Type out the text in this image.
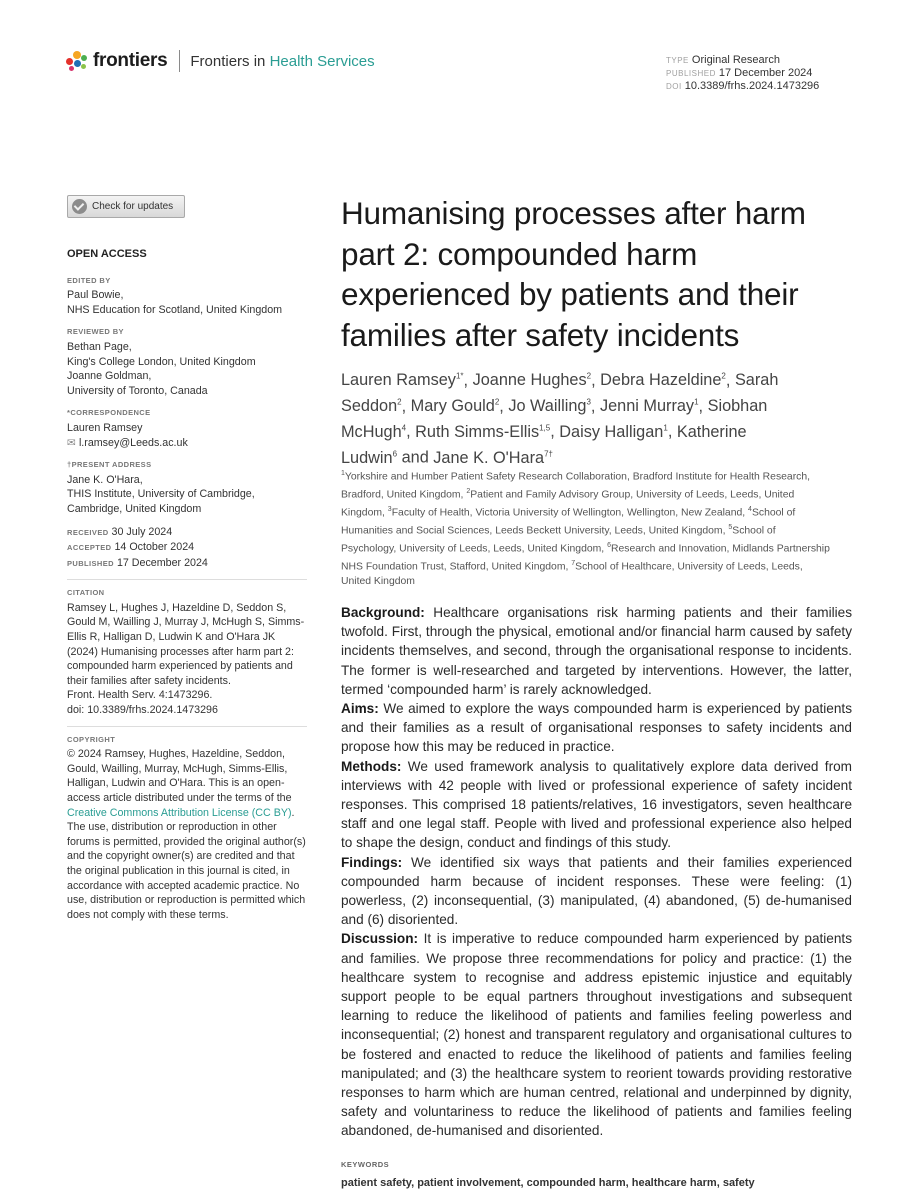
frontiers Frontiers in Health Services	TYPE Original Research
PUBLISHED 17 December 2024
DOI 10.3389/frhs.2024.1473296
Check for updates
OPEN ACCESS
EDITED BY
Paul Bowie,
NHS Education for Scotland, United Kingdom
REVIEWED BY
Bethan Page,
King's College London, United Kingdom
Joanne Goldman,
University of Toronto, Canada
*CORRESPONDENCE
Lauren Ramsey
✉ l.ramsey@Leeds.ac.uk
†PRESENT ADDRESS
Jane K. O'Hara,
THIS Institute, University of Cambridge,
Cambridge, United Kingdom
RECEIVED 30 July 2024
ACCEPTED 14 October 2024
PUBLISHED 17 December 2024
CITATION
Ramsey L, Hughes J, Hazeldine D, Seddon S, Gould M, Wailling J, Murray J, McHugh S, Simms-Ellis R, Halligan D, Ludwin K and O'Hara JK (2024) Humanising processes after harm part 2: compounded harm experienced by patients and their families after safety incidents.
Front. Health Serv. 4:1473296.
doi: 10.3389/frhs.2024.1473296
COPYRIGHT
© 2024 Ramsey, Hughes, Hazeldine, Seddon, Gould, Wailling, Murray, McHugh, Simms-Ellis, Halligan, Ludwin and O'Hara. This is an open-access article distributed under the terms of the Creative Commons Attribution License (CC BY). The use, distribution or reproduction in other forums is permitted, provided the original author(s) and the copyright owner(s) are credited and that the original publication in this journal is cited, in accordance with accepted academic practice. No use, distribution or reproduction is permitted which does not comply with these terms.
Humanising processes after harm part 2: compounded harm experienced by patients and their families after safety incidents
Lauren Ramsey$^{1*}$, Joanne Hughes$^2$, Debra Hazeldine$^2$, Sarah Seddon$^2$, Mary Gould$^2$, Jo Wailling$^3$, Jenni Murray$^1$, Siobhan McHugh$^4$, Ruth Simms-Ellis$^{1,5}$, Daisy Halligan$^1$, Katherine Ludwin$^6$ and Jane K. O'Hara$^{7\dagger}$
$^1$Yorkshire and Humber Patient Safety Research Collaboration, Bradford Institute for Health Research, Bradford, United Kingdom, $^2$Patient and Family Advisory Group, University of Leeds, Leeds, United Kingdom, $^3$Faculty of Health, Victoria University of Wellington, Wellington, New Zealand, $^4$School of Humanities and Social Sciences, Leeds Beckett University, Leeds, United Kingdom, $^5$School of Psychology, University of Leeds, Leeds, United Kingdom, $^6$Research and Innovation, Midlands Partnership NHS Foundation Trust, Stafford, United Kingdom, $^7$School of Healthcare, University of Leeds, Leeds, United Kingdom

Background: Healthcare organisations risk harming patients and their families twofold. First, through the physical, emotional and/or financial harm caused by safety incidents themselves, and second, through the organisational response to incidents. The former is well-researched and targeted by interventions. However, the latter, termed ‘compounded harm’ is rarely acknowledged.

Aims: We aimed to explore the ways compounded harm is experienced by patients and their families as a result of organisational responses to safety incidents and propose how this may be reduced in practice.

Methods: We used framework analysis to qualitatively explore data derived from interviews with 42 people with lived or professional experience of safety incident responses. This comprised 18 patients/relatives, 16 investigators, seven healthcare staff and one legal staff. People with lived and professional experience also helped to shape the design, conduct and findings of this study.

Findings: We identified six ways that patients and their families experienced compounded harm because of incident responses. These were feeling: (1) powerless, (2) inconsequential, (3) manipulated, (4) abandoned, (5) de-humanised and (6) disoriented.

Discussion: It is imperative to reduce compounded harm experienced by patients and families. We propose three recommendations for policy and practice: (1) the healthcare system to recognise and address epistemic injustice and equitably support people to be equal partners throughout investigations and subsequent learning to reduce the likelihood of patients and families feeling powerless and inconsequential; (2) honest and transparent regulatory and organisational cultures to be fostered and enacted to reduce the likelihood of patients and families feeling manipulated; and (3) the healthcare system to reorient towards providing restorative responses to harm which are human centred, relational and underpinned by dignity, safety and voluntariness to reduce the likelihood of patients and families feeling abandoned, de-humanised and disoriented.

KEYWORDS
patient safety, patient involvement, compounded harm, healthcare harm, safety
